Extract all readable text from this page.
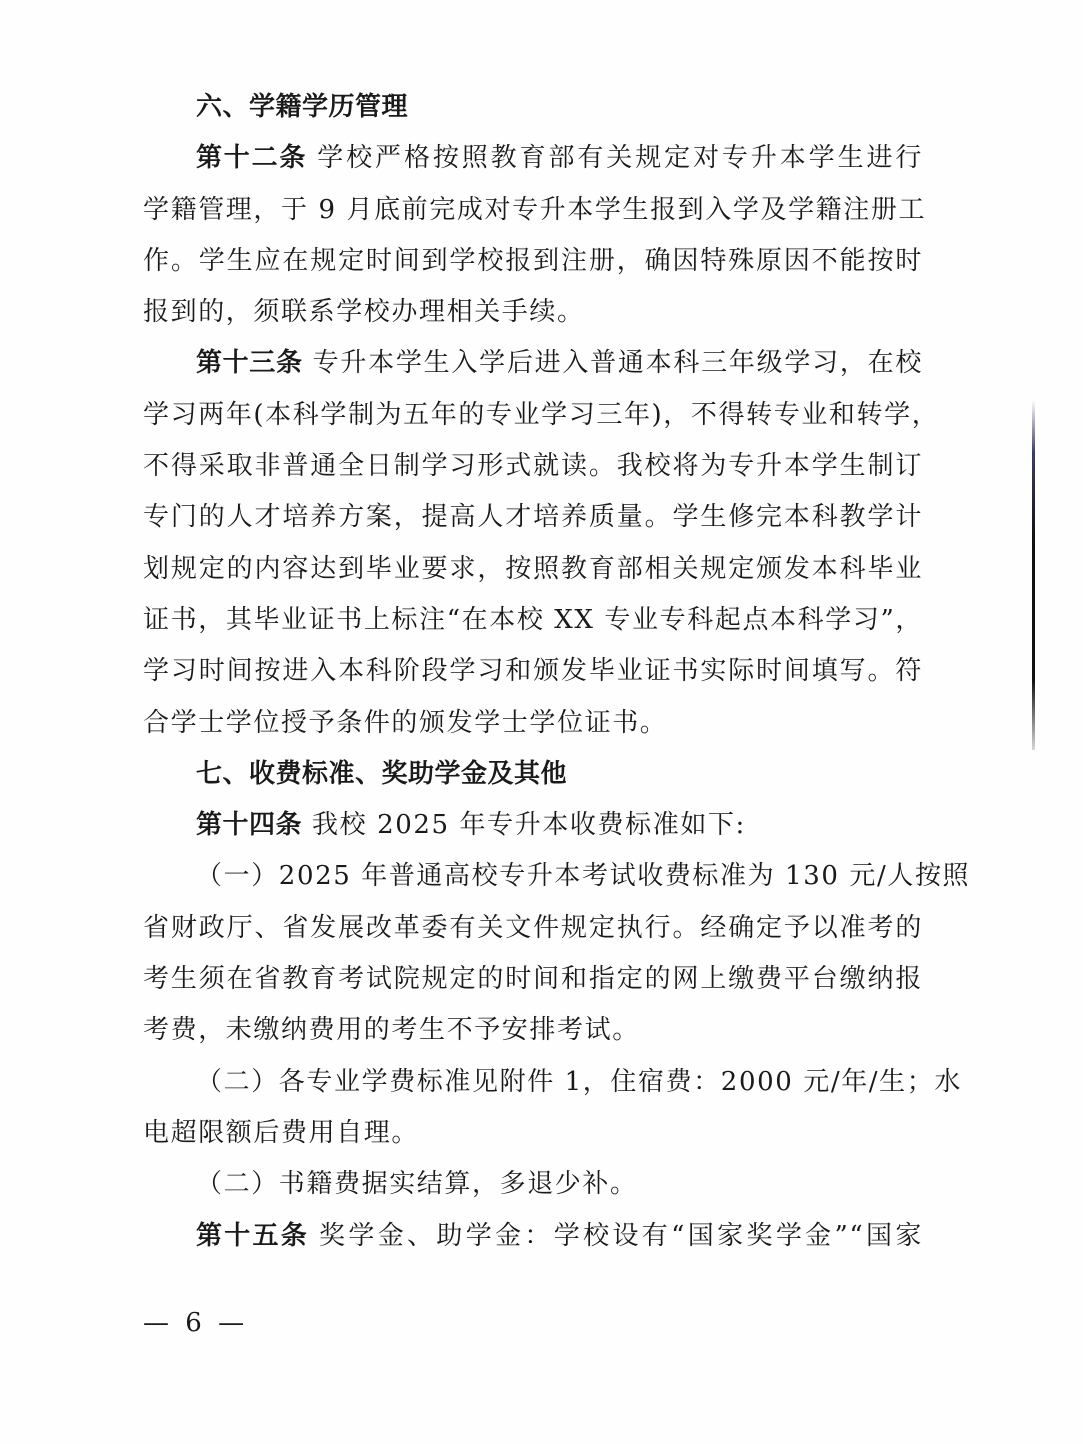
六、学籍学历管理
第十二条 学校严格按照教育部有关规定对专升本学生进行
学籍管理，于 9 月底前完成对专升本学生报到入学及学籍注册工
作。学生应在规定时间到学校报到注册，确因特殊原因不能按时
报到的，须联系学校办理相关手续。
第十三条 专升本学生入学后进入普通本科三年级学习，在校
学习两年(本科学制为五年的专业学习三年)，不得转专业和转学，
不得采取非普通全日制学习形式就读。我校将为专升本学生制订
专门的人才培养方案，提高人才培养质量。学生修完本科教学计
划规定的内容达到毕业要求，按照教育部相关规定颁发本科毕业
证书，其毕业证书上标注“在本校 XX 专业专科起点本科学习”，
学习时间按进入本科阶段学习和颁发毕业证书实际时间填写。符
合学士学位授予条件的颁发学士学位证书。
七、收费标准、奖助学金及其他
第十四条 我校 2025 年专升本收费标准如下:
（一）2025 年普通高校专升本考试收费标准为 130 元/人按照
省财政厅、省发展改革委有关文件规定执行。经确定予以准考的
考生须在省教育考试院规定的时间和指定的网上缴费平台缴纳报
考费，未缴纳费用的考生不予安排考试。
（二）各专业学费标准见附件 1，住宿费：2000 元/年/生；水
电超限额后费用自理。
（二）书籍费据实结算，多退少补。
第十五条 奖学金、助学金：学校设有“国家奖学金”“国家
— 6 —
